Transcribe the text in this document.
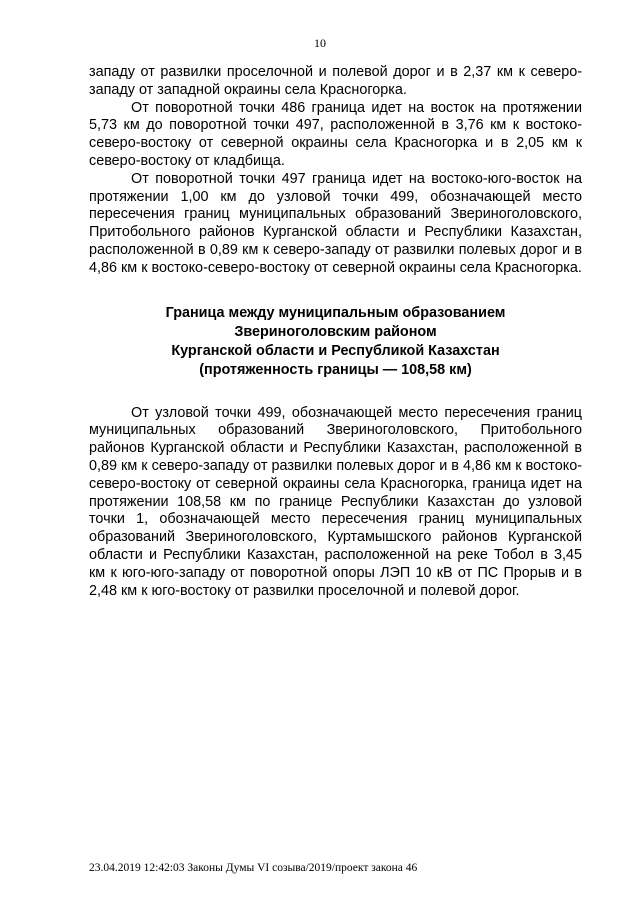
10

западу от развилки проселочной и полевой дорог и в 2,37 км к северо-западу от западной окраины села Красногорка.

От поворотной точки 486 граница идет на восток на протяжении 5,73 км до поворотной точки 497, расположенной в 3,76 км к востоко-северо-востоку от северной окраины села Красногорка и в 2,05 км к северо-востоку от кладбища.

От поворотной точки 497 граница идет на востоко-юго-восток на протяжении 1,00 км до узловой точки 499, обозначающей место пересечения границ муниципальных образований Звериноголовского, Притобольного районов Курганской области и Республики Казахстан, расположенной в 0,89 км к северо-западу от развилки полевых дорог и в 4,86 км к востоко-северо-востоку от северной окраины села Красногорка.

Граница между муниципальным образованием
Звериноголовским районом
Курганской области и Республикой Казахстан
(протяженность границы — 108,58 км)

От узловой точки 499, обозначающей место пересечения границ муниципальных образований Звериноголовского, Притобольного районов Курганской области и Республики Казахстан, расположенной в 0,89 км к северо-западу от развилки полевых дорог и в 4,86 км к востоко-северо-востоку от северной окраины села Красногорка, граница идет на протяжении 108,58 км по границе Республики Казахстан до узловой точки 1, обозначающей место пересечения границ муниципальных образований Звериноголовского, Куртамышского районов Курганской области и Республики Казахстан, расположенной на реке Тобол в 3,45 км к юго-юго-западу от поворотной опоры ЛЭП 10 кВ от ПС Прорыв и в 2,48 км к юго-востоку от развилки проселочной и полевой дорог.

23.04.2019 12:42:03 Законы Думы VI созыва/2019/проект закона 46
